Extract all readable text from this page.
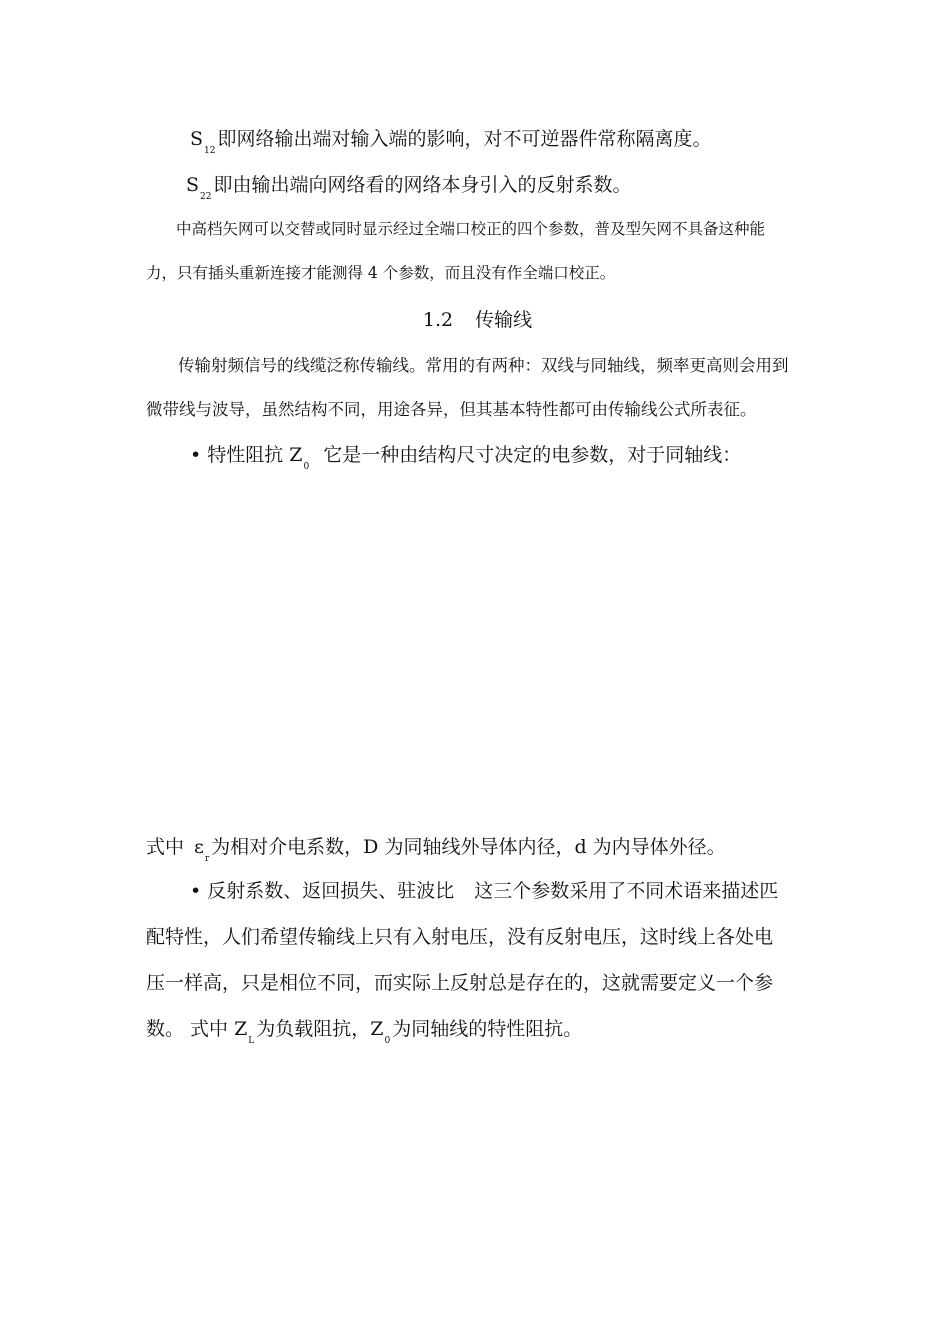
$S_{12}$即网络输出端对输入端的影响，对不可逆器件常称隔离度。
$S_{22}$即由输出端向网络看的网络本身引入的反射系数。
中高档矢网可以交替或同时显示经过全端口校正的四个参数，普及型矢网不具备这种能
力，只有插头重新连接才能测得 4 个参数，而且没有作全端口校正。
1.2 传输线
传输射频信号的线缆泛称传输线。常用的有两种：双线与同轴线，频率更高则会用到
微带线与波导，虽然结构不同，用途各异，但其基本特性都可由传输线公式所表征。
• 特性阻抗 $Z_0$它是一种由结构尺寸决定的电参数，对于同轴线：
式中 $\varepsilon_r$为相对介电系数，D 为同轴线外导体内径，d 为内导体外径。
• 反射系数、返回损失、驻波比 这三个参数采用了不同术语来描述匹
配特性，人们希望传输线上只有入射电压，没有反射电压，这时线上各处电
压一样高，只是相位不同，而实际上反射总是存在的，这就需要定义一个参
数。 式中 $Z_L$为负载阻抗，$Z_0$为同轴线的特性阻抗。
